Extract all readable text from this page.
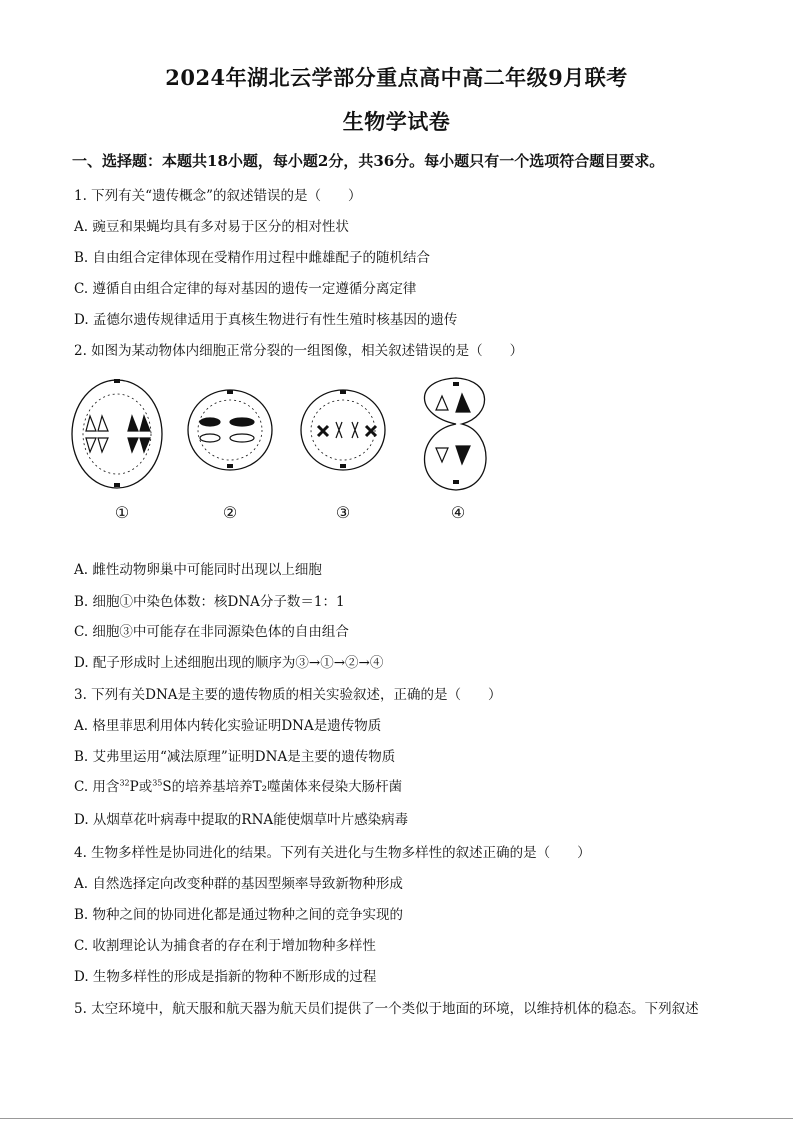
2024年湖北云学部分重点高中高二年级9月联考
生物学试卷
一、选择题：本题共18小题，每小题2分，共36分。每小题只有一个选项符合题目要求。
1. 下列有关“遗传概念”的叙述错误的是（　　）
A. 豌豆和果蝇均具有多对易于区分的相对性状
B. 自由组合定律体现在受精作用过程中雌雄配子的随机结合
C. 遵循自由组合定律的每对基因的遗传一定遵循分离定律
D. 孟德尔遗传规律适用于真核生物进行有性生殖时核基因的遗传
2. 如图为某动物体内细胞正常分裂的一组图像，相关叙述错误的是（　　）
①	②	③	④
A. 雌性动物卵巢中可能同时出现以上细胞
B. 细胞①中染色体数：核DNA分子数＝1：1
C. 细胞③中可能存在非同源染色体的自由组合
D. 配子形成时上述细胞出现的顺序为③→①→②→④
3. 下列有关DNA是主要的遗传物质的相关实验叙述，正确的是（　　）
A. 格里菲思利用体内转化实验证明DNA是遗传物质
B. 艾弗里运用“减法原理”证明DNA是主要的遗传物质
C. 用含$^{32}$P或$^{35}$S的培养基培养T₂噬菌体来侵染大肠杆菌
D. 从烟草花叶病毒中提取的RNA能使烟草叶片感染病毒
4. 生物多样性是协同进化的结果。下列有关进化与生物多样性的叙述正确的是（　　）
A. 自然选择定向改变种群的基因型频率导致新物种形成
B. 物种之间的协同进化都是通过物种之间的竞争实现的
C. 收割理论认为捕食者的存在利于增加物种多样性
D. 生物多样性的形成是指新的物种不断形成的过程
5. 太空环境中，航天服和航天器为航天员们提供了一个类似于地面的环境，以维持机体的稳态。下列叙述
